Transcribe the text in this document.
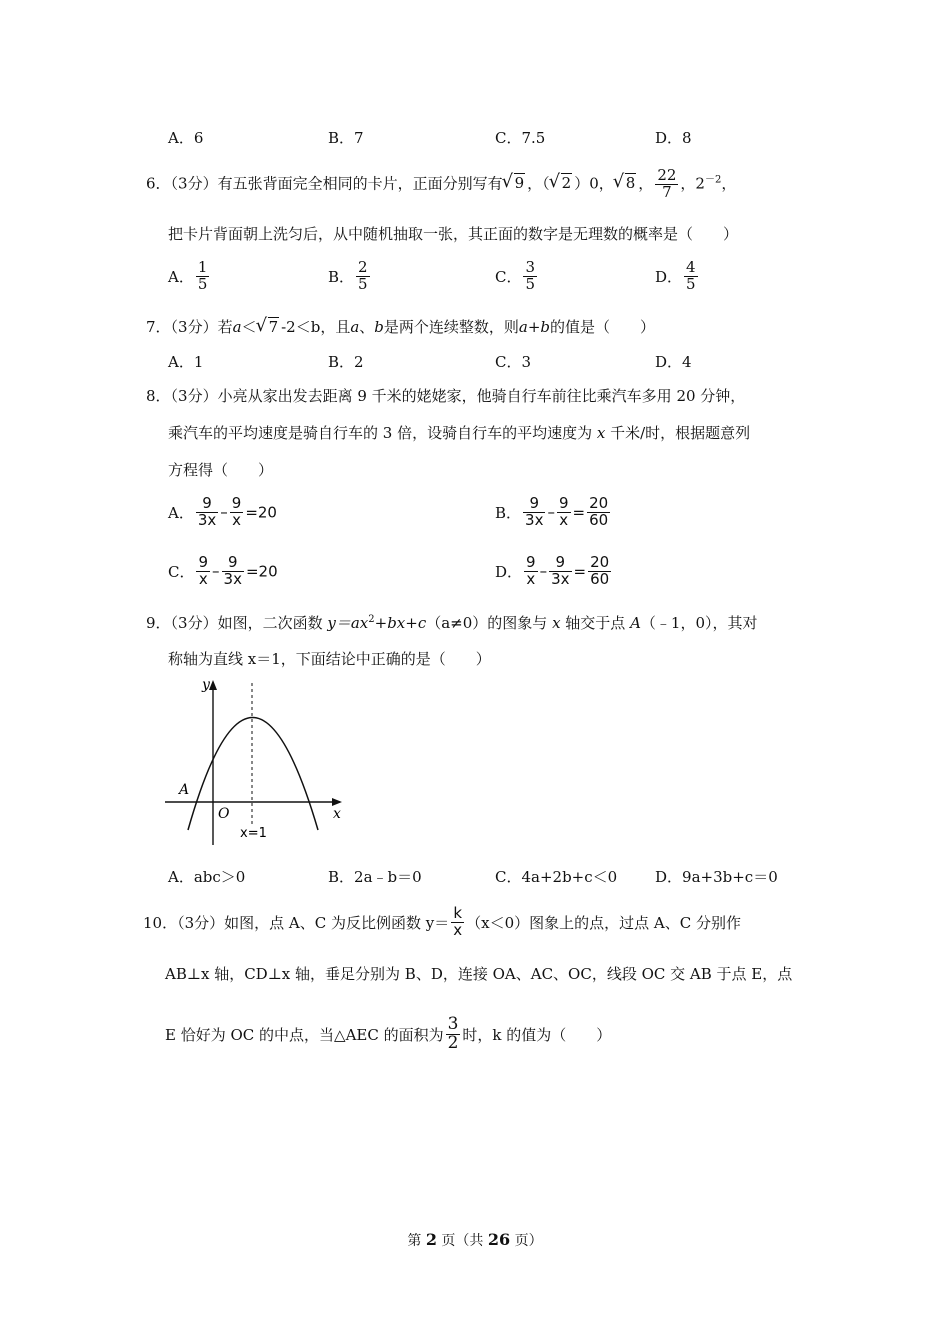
A．6	B．7	C．7.5	D．8
6．（3分）有五张背面完全相同的卡片，正面分别写有 √ 9 ，（ √ 2 ）0， √ 8 ， $\frac{22}{7}$ ，$2^{-2}$，
把卡片背面朝上洗匀后，从中随机抽取一张，其正面的数字是无理数的概率是（　　）
A． $\frac{1}{5}$	B． $\frac{2}{5}$	C． $\frac{3}{5}$	D． $\frac{4}{5}$
7．（3分）若a＜ √ 7 -2＜b，且a、b是两个连续整数，则a+b的值是（　　）
A．1	B．2	C．3	D．4
8．（3分）小亮从家出发去距离 9 千米的姥姥家，他骑自行车前往比乘汽车多用 20 分钟，
乘汽车的平均速度是骑自行车的 3 倍，设骑自行车的平均速度为 x 千米/时，根据题意列
方程得（　　）
A． $\frac{9}{3x} - \frac{9}{x} =20$	B． $\frac{9}{3x} - \frac{9}{x} = \frac{20}{60}$
C． $\frac{9}{x} - \frac{9}{3x} =20$	D． $\frac{9}{x} - \frac{9}{3x} = \frac{20}{60}$
9．（3分）如图，二次函数 $y=ax^2+bx+c(a\ne 0)$的图象与 x 轴交于点 A（﹣1，0），其对
称轴为直线 x＝1，下面结论中正确的是（　　）
y
x
O
A
x=1
A．abc＞0	B．2a﹣b＝0	C．4a+2b+c＜0	D．9a+3b+c＝0
10．（3分）如图，点 A、C 为反比例函数 $y= \frac{k}{x} (x<0)$图象上的点，过点 A、C 分别作
AB⊥x 轴，CD⊥x 轴，垂足分别为 B、D，连接 OA、AC、OC，线段 OC 交 AB 于点 E，点
E 恰好为 OC 的中点，当△AEC 的面积为 $\frac{3}{2}$ 时，k 的值为（　　）
第 2 页（共 26 页）
